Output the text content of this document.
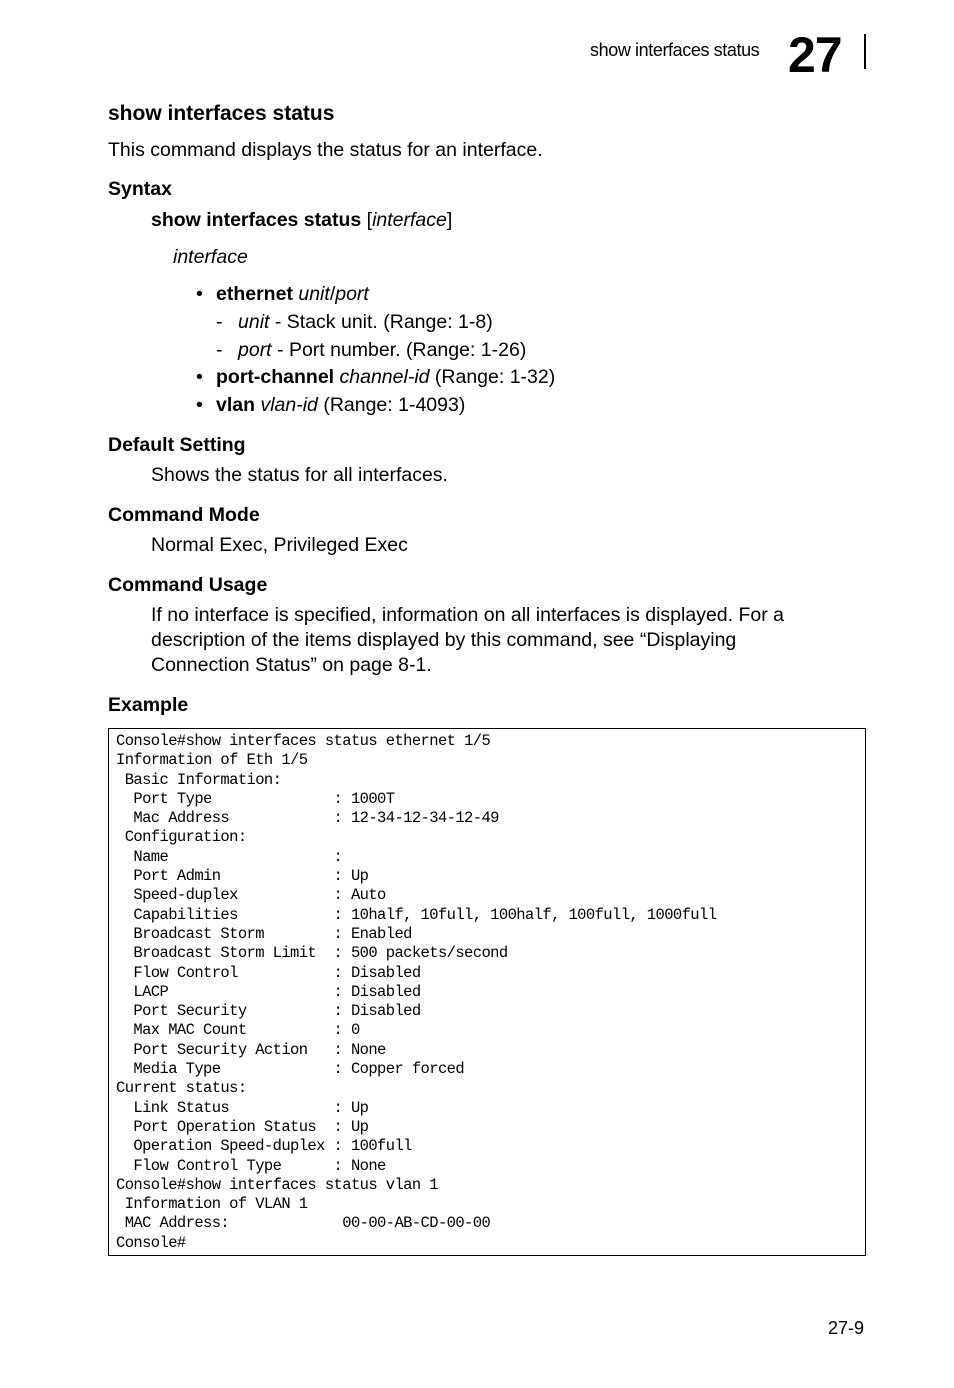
show interfaces status 27
show interfaces status
This command displays the status for an interface.
Syntax
show interfaces status [interface]
interface
• ethernet unit/port
- unit - Stack unit. (Range: 1-8)
- port - Port number. (Range: 1-26)
• port-channel channel-id (Range: 1-32)
• vlan vlan-id (Range: 1-4093)
Default Setting
Shows the status for all interfaces.
Command Mode
Normal Exec, Privileged Exec
Command Usage
If no interface is specified, information on all interfaces is displayed. For a
description of the items displayed by this command, see “Displaying
Connection Status” on page 8-1.
Example
Console#show interfaces status ethernet 1/5
Information of Eth 1/5
Basic Information:
Port Type              : 1000T
Mac Address            : 12-34-12-34-12-49
Configuration:
Name                   :
Port Admin             : Up
Speed-duplex           : Auto
Capabilities           : 10half, 10full, 100half, 100full, 1000full
Broadcast Storm        : Enabled
Broadcast Storm Limit  : 500 packets/second
Flow Control           : Disabled
LACP                   : Disabled
Port Security          : Disabled
Max MAC Count          : 0
Port Security Action   : None
Media Type             : Copper forced
Current status:
Link Status            : Up
Port Operation Status  : Up
Operation Speed-duplex : 100full
Flow Control Type      : None
Console#show interfaces status vlan 1
Information of VLAN 1
MAC Address:             00-00-AB-CD-00-00
Console#
27-9
